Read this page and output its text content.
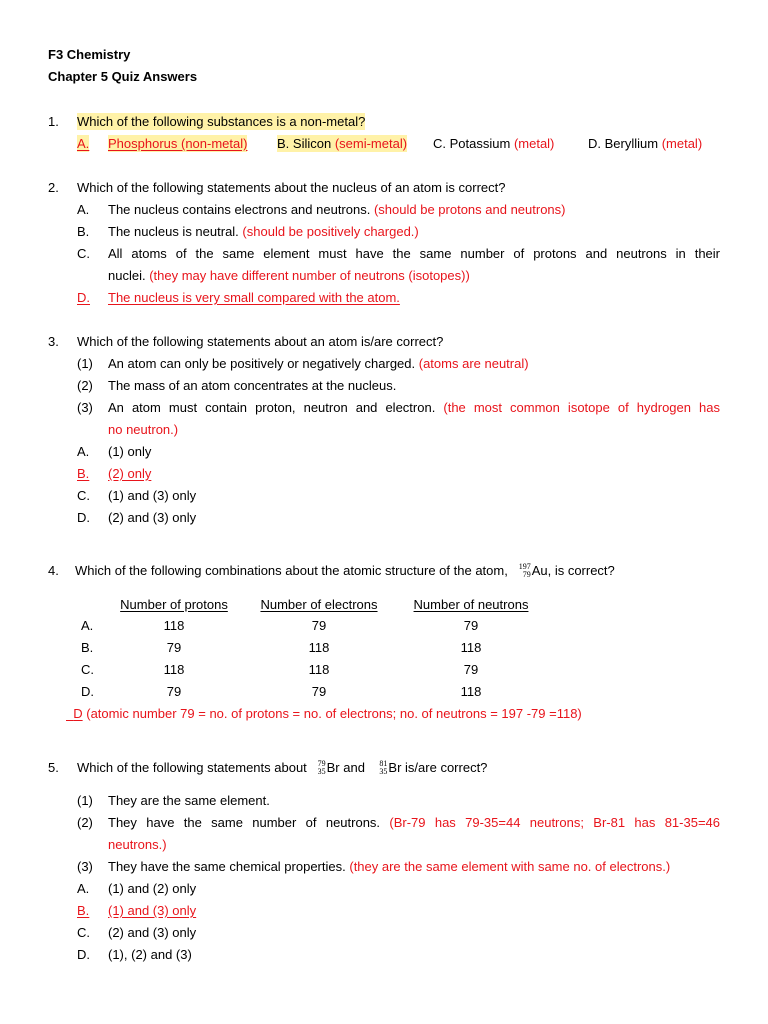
F3 Chemistry
Chapter 5 Quiz Answers
1. Which of the following substances is a non-metal?
A. Phosphorus (non-metal) B. Silicon (semi-metal) C. Potassium (metal)	D. Beryllium (metal)
2. Which of the following statements about the nucleus of an atom is correct?
A. The nucleus contains electrons and neutrons. (should be protons and neutrons)
B. The nucleus is neutral. (should be positively charged.)
C. All atoms of the same element must have the same number of protons and neutrons in their
nuclei. (they may have different number of neutrons (isotopes))
D. The nucleus is very small compared with the atom.
3. Which of the following statements about an atom is/are correct?
(1) An atom can only be positively or negatively charged. (atoms are neutral)
(2) The mass of an atom concentrates at the nucleus.
(3) An atom must contain proton, neutron and electron. (the most common isotope of hydrogen has
no neutron.)
A. (1) only
B. (2) only
C. (1) and (3) only
D. (2) and (3) only
4. Which of the following combinations about the atomic structure of the atom, 197
79 Au, is correct?
Number of protons	Number of electrons	Number of neutrons
A.	118	79	79
B.	79	118	118
C.	118	118	79
D.	79	79	118
D (atomic number 79 = no. of protons = no. of electrons; no. of neutrons = 197 -79 =118)
5. Which of the following statements about 79
35 Br and 81
35 Br is/are correct?
(1) They are the same element.
(2) They have the same number of neutrons. (Br-79 has 79-35=44 neutrons; Br-81 has 81-35=46
neutrons.)
(3) They have the same chemical properties. (they are the same element with same no. of electrons.)
A. (1) and (2) only
B. (1) and (3) only
C. (2) and (3) only
D. (1), (2) and (3)
